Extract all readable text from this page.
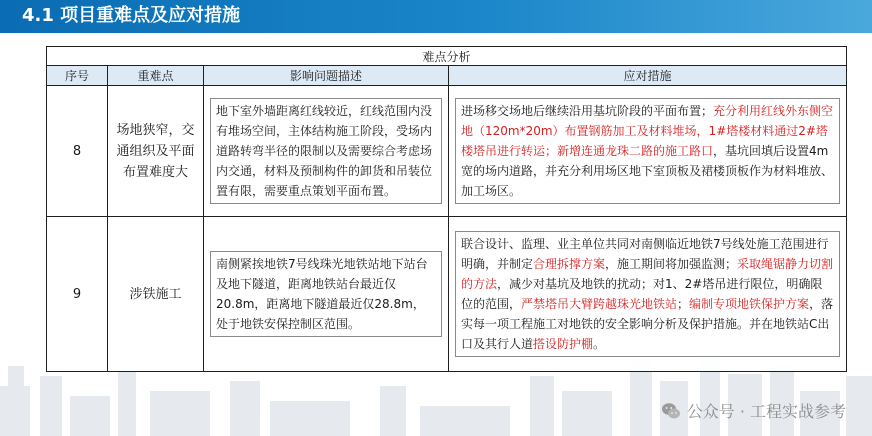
4.1 项目重难点及应对措施
难点分析			
序号	重难点	影响问题描述	应对措施
8	场地狭窄，交通组织及平面布置难度大	地下室外墙距离红线较近，红线范围内没有堆场空间，主体结构施工阶段，受场内道路转弯半径的限制以及需要综合考虑场内交通，材料及预制构件的卸货和吊装位置有限，需要重点策划平面布置。	进场移交场地后继续沿用基坑阶段的平面布置；充分利用红线外东侧空地（120m*20m）布置钢筋加工及材料堆场，1#塔楼材料通过2#塔楼塔吊进行转运；新增连通龙珠二路的施工路口，基坑回填后设置4m宽的场内道路，并充分利用场区地下室顶板及裙楼顶板作为材料堆放、加工场区。

9	涉铁施工	南侧紧挨地铁7号线珠光地铁站地下站台及地下隧道，距离地铁站台最近仅20.8m，距离地下隧道最近仅28.8m，处于地铁安保控制区范围。	联合设计、监理、业主单位共同对南侧临近地铁7号线处施工范围进行明确，并制定合理拆撑方案，施工期间将加强监测；采取绳锯静力切割的方法，减少对基坑及地铁的扰动；对1、2#塔吊进行限位，明确限位的范围，严禁塔吊大臂跨越珠光地铁站；编制专项地铁保护方案，落实每一项工程施工对地铁的安全影响分析及保护措施。并在地铁站C出口及其行人道搭设防护棚。
公众号 · 工程实战参考
